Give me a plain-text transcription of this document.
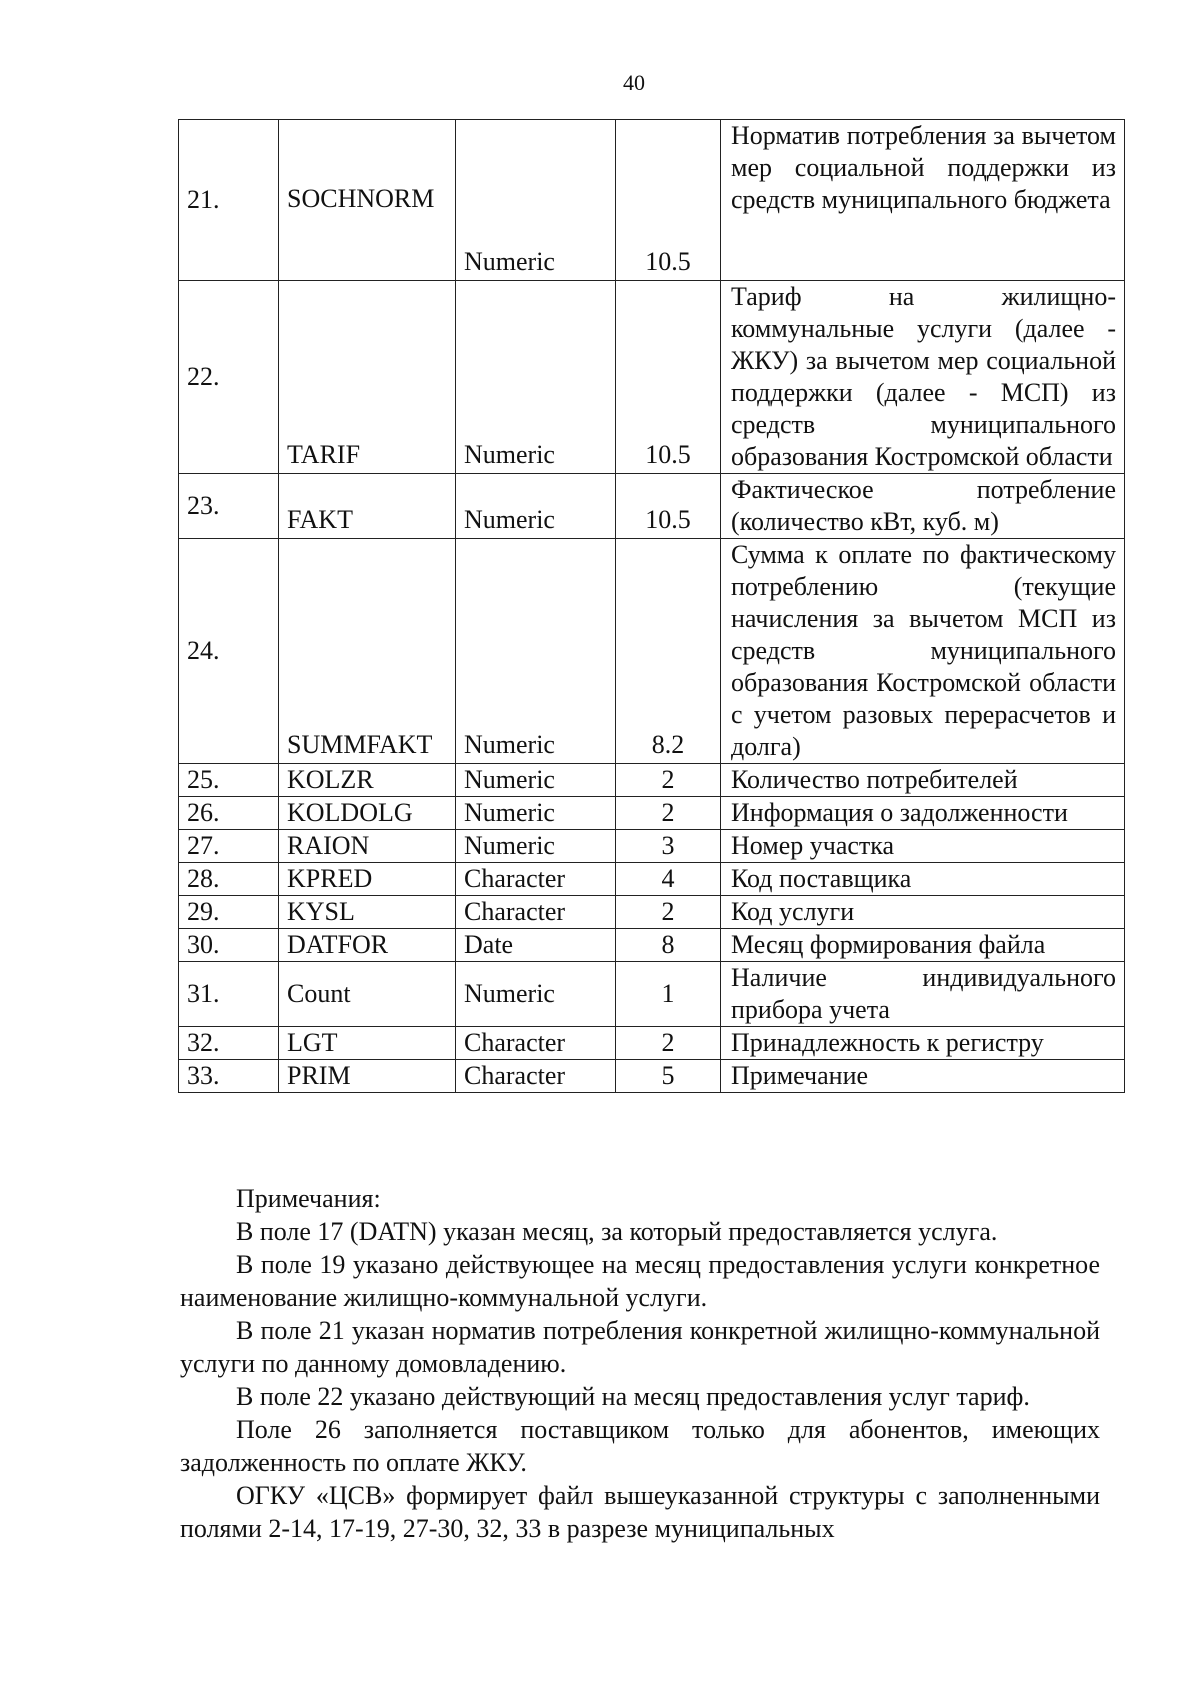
40
21.	SOCHNORM	Numeric	10.5	Норматив потребления за вычетом мер социальной поддержки из средств муниципального бюджета
22.	TARIF	Numeric	10.5	Тариф на жилищно-коммунальные услуги (далее - ЖКУ) за вычетом мер социальной поддержки (далее - МСП) из средств муниципального образования Костромской области
23.	FAKT	Numeric	10.5	Фактическое потребление (количество кВт, куб. м)
24.	SUMMFAKT	Numeric	8.2	Сумма к оплате по фактическому потреблению (текущие начисления за вычетом МСП из средств муниципального образования Костромской области с учетом разовых перерасчетов и долга)
25.	KOLZR	Numeric	2	Количество потребителей
26.	KOLDOLG	Numeric	2	Информация о задолженности
27.	RAION	Numeric	3	Номер участка
28.	KPRED	Character	4	Код поставщика
29.	KYSL	Character	2	Код услуги
30.	DATFOR	Date	8	Месяц формирования файла
31.	Count	Numeric	1	Наличие индивидуального прибора учета
32.	LGT	Character	2	Принадлежность к регистру
33.	PRIM	Character	5	Примечание

Примечания:

В поле 17 (DATN) указан месяц, за который предоставляется услуга.

В поле 19 указано действующее на месяц предоставления услуги конкретное наименование жилищно-коммунальной услуги.

В поле 21 указан норматив потребления конкретной жилищно-коммунальной услуги по данному домовладению.

В поле 22 указано действующий на месяц предоставления услуг тариф.

Поле 26 заполняется поставщиком только для абонентов, имеющих задолженность по оплате ЖКУ.

ОГКУ «ЦСВ» формирует файл вышеуказанной структуры с заполненными полями 2-14, 17-19, 27-30, 32, 33 в разрезе муниципальных
